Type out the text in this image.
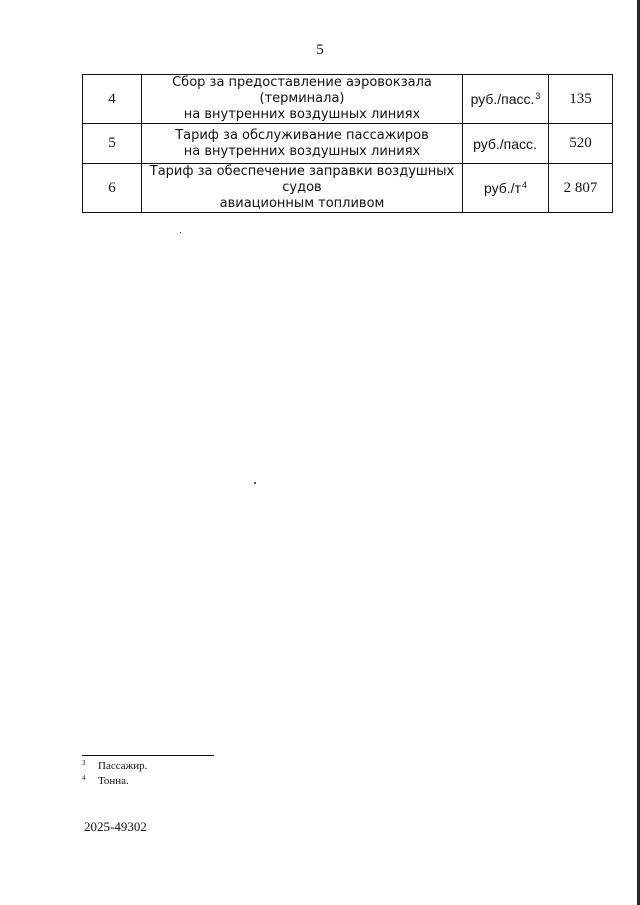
5
4	Сбор за предоставление аэровокзала (терминала)
на внутренних воздушных линиях	руб./пасс.$^3$	135
5	Тариф за обслуживание пассажиров
на внутренних воздушных линиях	руб./пасс.	520
6	Тариф за обеспечение заправки воздушных судов
авиационным топливом	$руб./т^4$	2 807
3 Пассажир.
4 Тонна.
2025-49302
